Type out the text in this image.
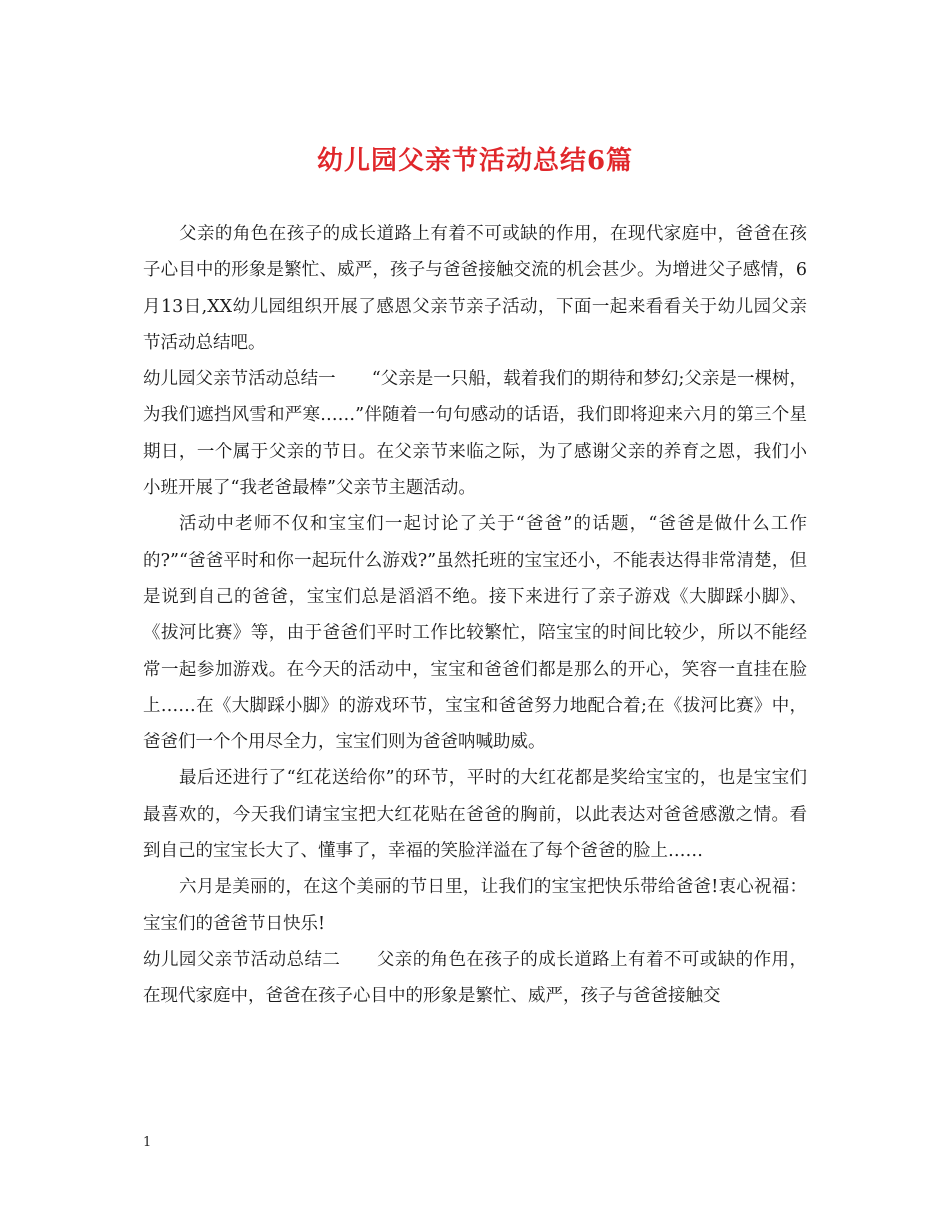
幼儿园父亲节活动总结6篇

父亲的角色在孩子的成长道路上有着不可或缺的作用，在现代家庭中，爸爸在孩子心目中的形象是繁忙、威严，孩子与爸爸接触交流的机会甚少。为增进父子感情，6月13日,XX幼儿园组织开展了感恩父亲节亲子活动，下面一起来看看关于幼儿园父亲节活动总结吧。

幼儿园父亲节活动总结一 “父亲是一只船，载着我们的期待和梦幻;父亲是一棵树，为我们遮挡风雪和严寒……”伴随着一句句感动的话语，我们即将迎来六月的第三个星期日，一个属于父亲的节日。在父亲节来临之际，为了感谢父亲的养育之恩，我们小小班开展了“我老爸最棒”父亲节主题活动。

活动中老师不仅和宝宝们一起讨论了关于“爸爸”的话题，“爸爸是做什么工作的?”“爸爸平时和你一起玩什么游戏?”虽然托班的宝宝还小，不能表达得非常清楚，但是说到自己的爸爸，宝宝们总是滔滔不绝。接下来进行了亲子游戏《大脚踩小脚》、《拔河比赛》等，由于爸爸们平时工作比较繁忙，陪宝宝的时间比较少，所以不能经常一起参加游戏。在今天的活动中，宝宝和爸爸们都是那么的开心，笑容一直挂在脸上……在《大脚踩小脚》的游戏环节，宝宝和爸爸努力地配合着;在《拔河比赛》中，爸爸们一个个用尽全力，宝宝们则为爸爸呐喊助威。

最后还进行了“红花送给你”的环节，平时的大红花都是奖给宝宝的，也是宝宝们最喜欢的，今天我们请宝宝把大红花贴在爸爸的胸前，以此表达对爸爸感激之情。看到自己的宝宝长大了、懂事了，幸福的笑脸洋溢在了每个爸爸的脸上……

六月是美丽的，在这个美丽的节日里，让我们的宝宝把快乐带给爸爸!衷心祝福：宝宝们的爸爸节日快乐!

幼儿园父亲节活动总结二 父亲的角色在孩子的成长道路上有着不可或缺的作用，在现代家庭中，爸爸在孩子心目中的形象是繁忙、威严，孩子与爸爸接触交

1
